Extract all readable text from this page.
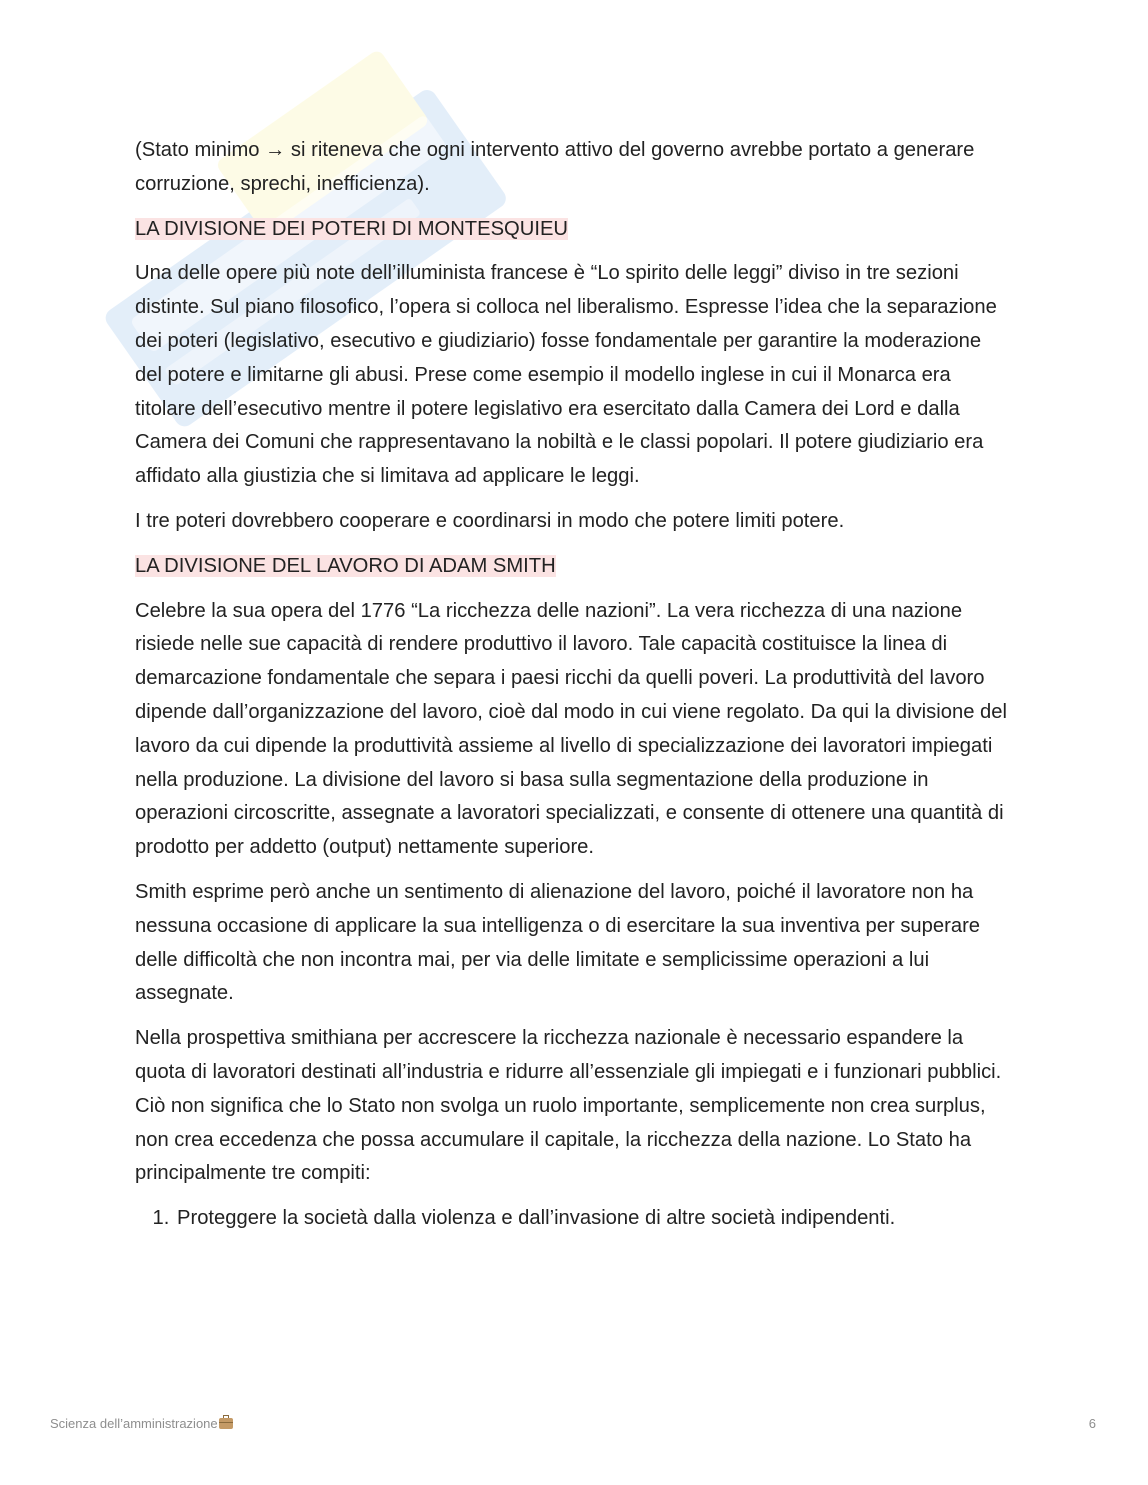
(Stato minimo → si riteneva che ogni intervento attivo del governo avrebbe portato a generare corruzione, sprechi, inefficienza).

LA DIVISIONE DEI POTERI DI MONTESQUIEU

Una delle opere più note dell’illuminista francese è “Lo spirito delle leggi” diviso in tre sezioni distinte. Sul piano filosofico, l’opera si colloca nel liberalismo. Espresse l’idea che la separazione dei poteri (legislativo, esecutivo e giudiziario) fosse fondamentale per garantire la moderazione del potere e limitarne gli abusi. Prese come esempio il modello inglese in cui il Monarca era titolare dell’esecutivo mentre il potere legislativo era esercitato dalla Camera dei Lord e dalla Camera dei Comuni che rappresentavano la nobiltà e le classi popolari. Il potere giudiziario era affidato alla giustizia che si limitava ad applicare le leggi.

I tre poteri dovrebbero cooperare e coordinarsi in modo che potere limiti potere.

LA DIVISIONE DEL LAVORO DI ADAM SMITH

Celebre la sua opera del 1776 “La ricchezza delle nazioni”. La vera ricchezza di una nazione risiede nelle sue capacità di rendere produttivo il lavoro. Tale capacità costituisce la linea di demarcazione fondamentale che separa i paesi ricchi da quelli poveri. La produttività del lavoro dipende dall’organizzazione del lavoro, cioè dal modo in cui viene regolato. Da qui la divisione del lavoro da cui dipende la produttività assieme al livello di specializzazione dei lavoratori impiegati nella produzione. La divisione del lavoro si basa sulla segmentazione della produzione in operazioni circoscritte, assegnate a lavoratori specializzati, e consente di ottenere una quantità di prodotto per addetto (output) nettamente superiore.

Smith esprime però anche un sentimento di alienazione del lavoro, poiché il lavoratore non ha nessuna occasione di applicare la sua intelligenza o di esercitare la sua inventiva per superare delle difficoltà che non incontra mai, per via delle limitate e semplicissime operazioni a lui assegnate.

Nella prospettiva smithiana per accrescere la ricchezza nazionale è necessario espandere la quota di lavoratori destinati all’industria e ridurre all’essenziale gli impiegati e i funzionari pubblici. Ciò non significa che lo Stato non svolga un ruolo importante, semplicemente non crea surplus, non crea eccedenza che possa accumulare il capitale, la ricchezza della nazione. Lo Stato ha principalmente tre compiti:

1. Proteggere la società dalla violenza e dall’invasione di altre società indipendenti.
Scienza dell’amministrazione	6
